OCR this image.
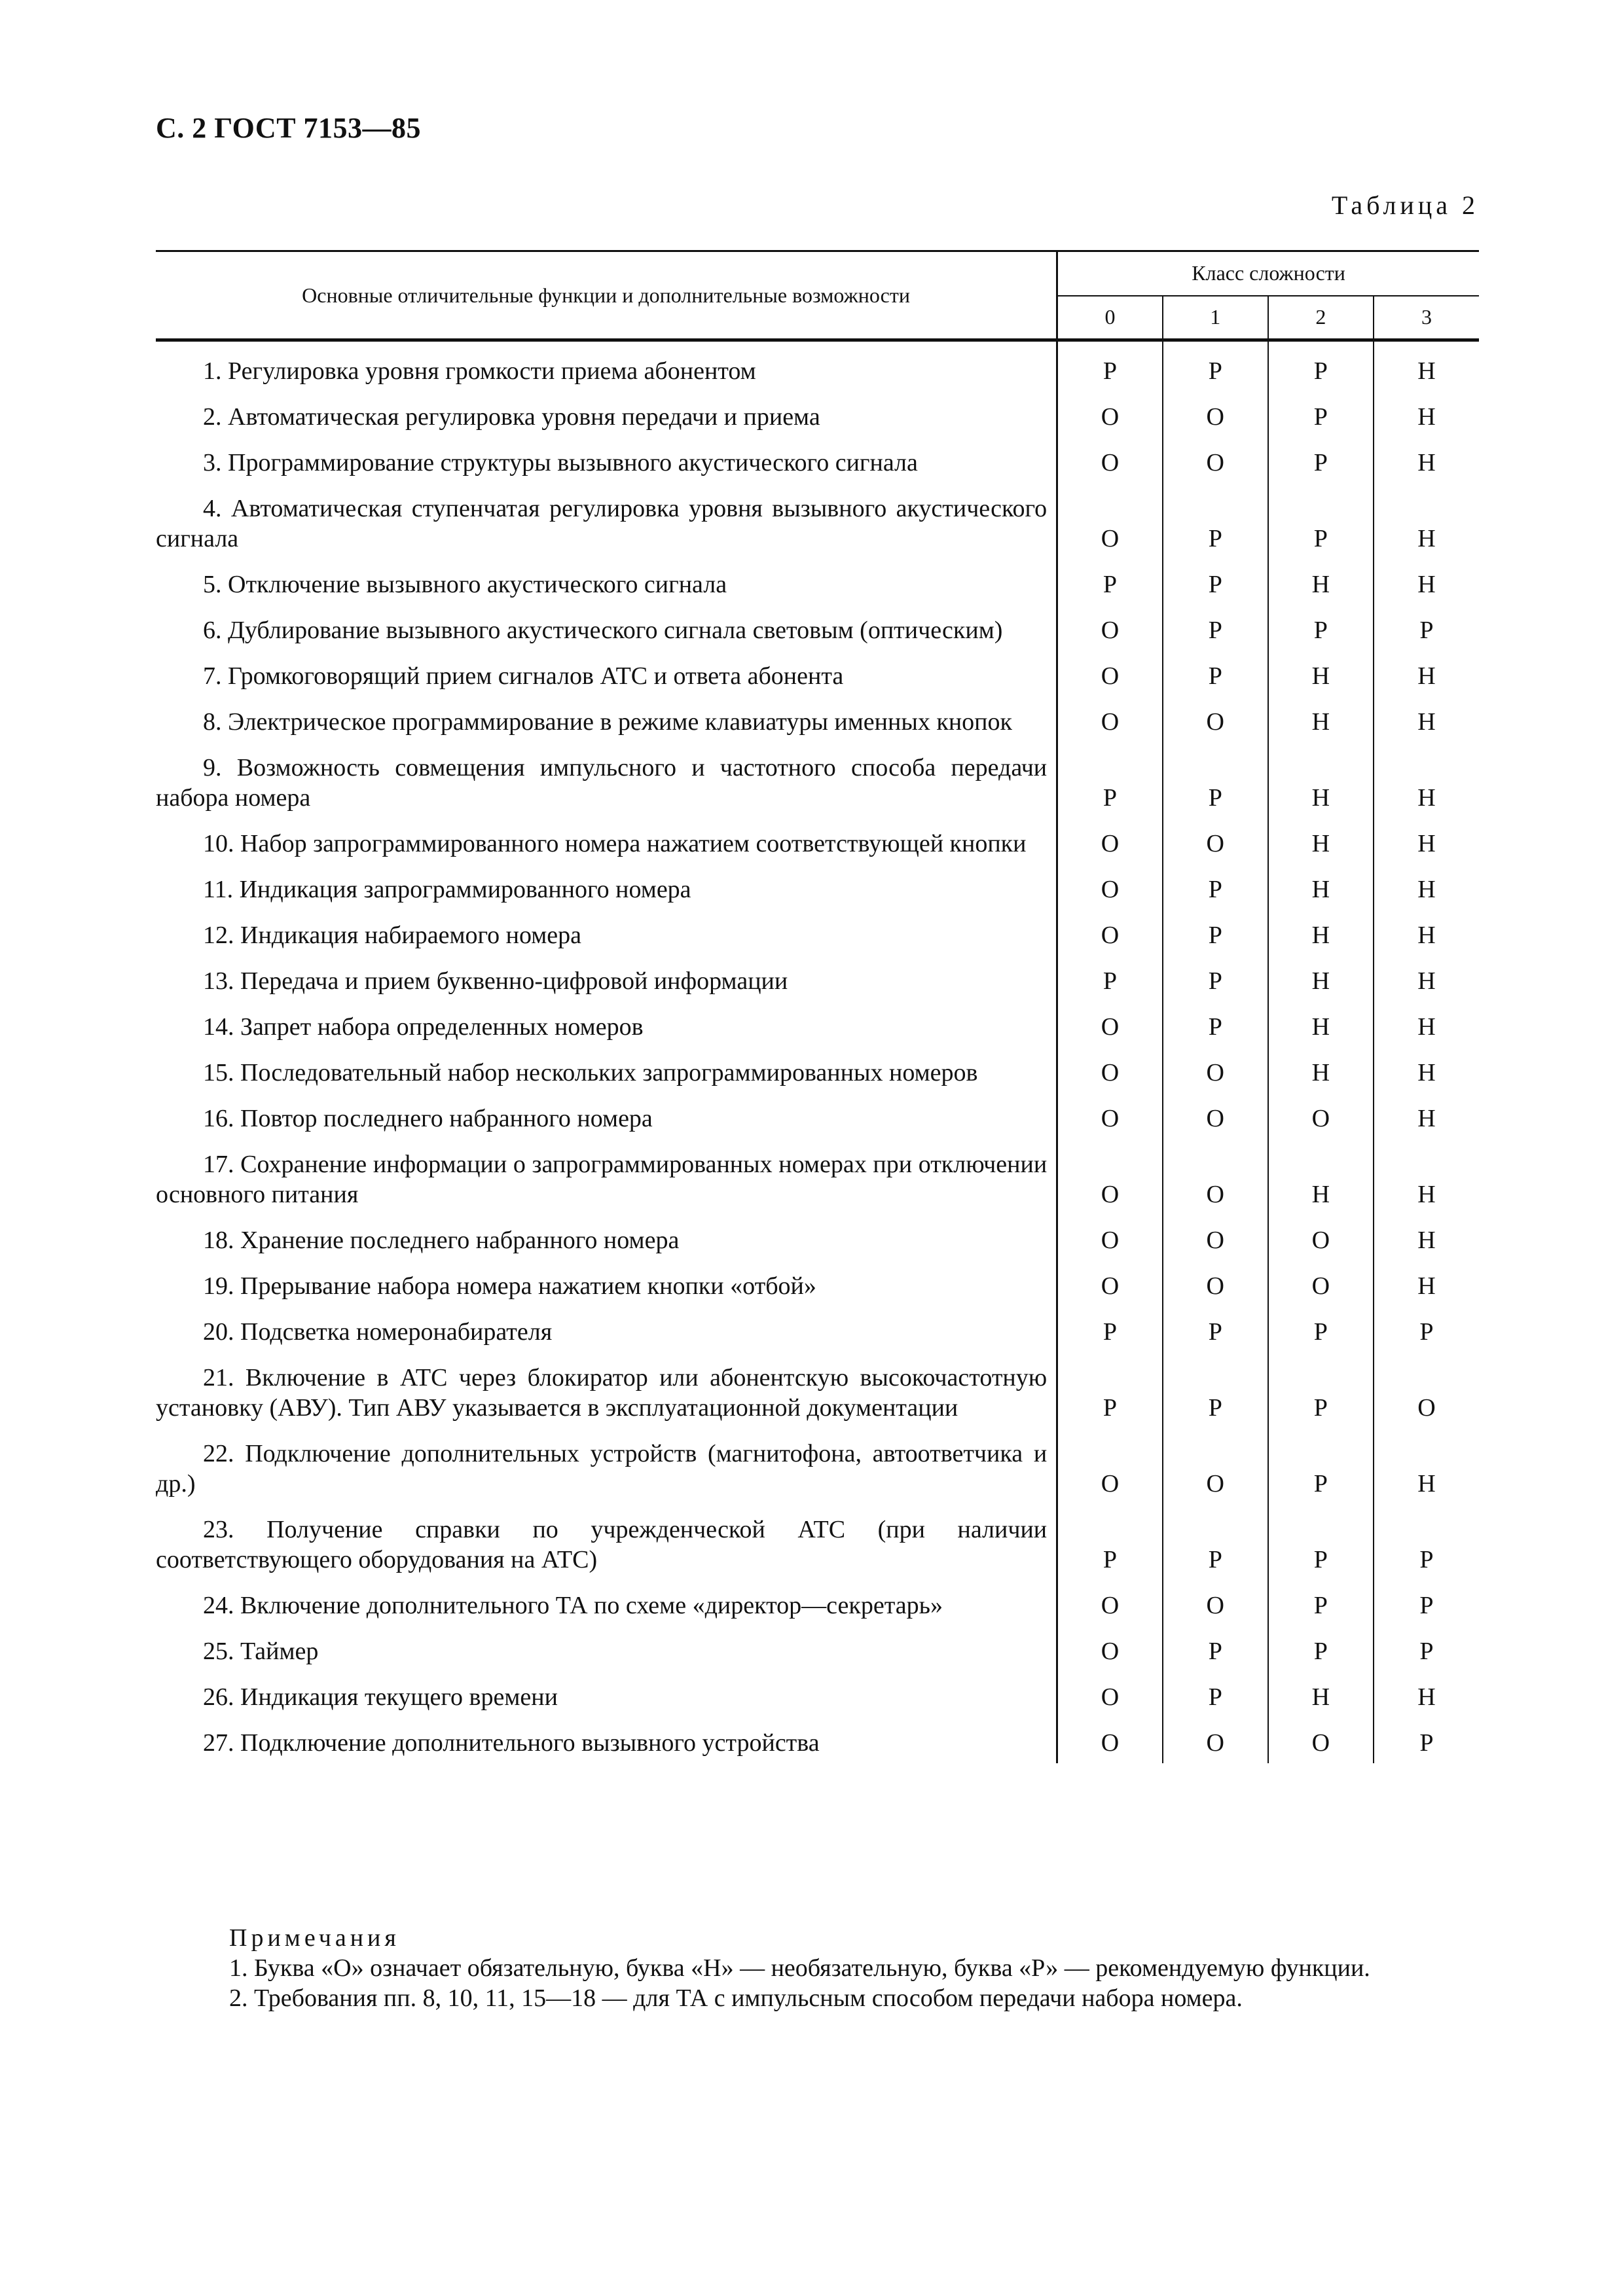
С. 2 ГОСТ 7153—85
Таблица 2
Основные отличительные функции и дополнительные возможности	Класс сложности			
	0	1	2	3

1. Регулировка уровня громкости приема абонентом	Р	Р	Р	Н

2. Автоматическая регулировка уровня передачи и приема	О	О	Р	Н

3. Программирование структуры вызывного акустического сигнала	О	О	Р	Н

4. Автоматическая ступенчатая регулировка уровня вызывного акустического сигнала	О	Р	Р	Н

5. Отключение вызывного акустического сигнала	Р	Р	Н	Н

6. Дублирование вызывного акустического сигнала световым (оптическим)	О	Р	Р	Р

7. Громкоговорящий прием сигналов АТС и ответа абонента	О	Р	Н	Н

8. Электрическое программирование в режиме клавиатуры именных кнопок	О	О	Н	Н

9. Возможность совмещения импульсного и частотного способа передачи набора номера	Р	Р	Н	Н

10. Набор запрограммированного номера нажатием соответствующей кнопки	О	О	Н	Н

11. Индикация запрограммированного номера	О	Р	Н	Н

12. Индикация набираемого номера	О	Р	Н	Н

13. Передача и прием буквенно-цифровой информации	Р	Р	Н	Н

14. Запрет набора определенных номеров	О	Р	Н	Н

15. Последовательный набор нескольких запрограммированных номеров	О	О	Н	Н

16. Повтор последнего набранного номера	О	О	О	Н

17. Сохранение информации о запрограммированных номерах при отключении основного питания	О	О	Н	Н

18. Хранение последнего набранного номера	О	О	О	Н

19. Прерывание набора номера нажатием кнопки «отбой»	О	О	О	Н

20. Подсветка номеронабирателя	Р	Р	Р	Р

21. Включение в АТС через блокиратор или абонентскую высокочастотную установку (АВУ). Тип АВУ указывается в эксплуатационной документации	Р	Р	Р	О

22. Подключение дополнительных устройств (магнитофона, автоответчика и др.)	О	О	Р	Н

23. Получение справки по учрежденческой АТС (при наличии соответствующего оборудования на АТС)	Р	Р	Р	Р

24. Включение дополнительного ТА по схеме «директор—секретарь»	О	О	Р	Р

25. Таймер	О	Р	Р	Р

26. Индикация текущего времени	О	Р	Н	Н

27. Подключение дополнительного вызывного устройства	О	О	О	Р
Примечания
1. Буква «О» означает обязательную, буква «Н» — необязательную, буква «Р» — рекомендуемую функции.
2. Требования пп. 8, 10, 11, 15—18 — для ТА с импульсным способом передачи набора номера.
